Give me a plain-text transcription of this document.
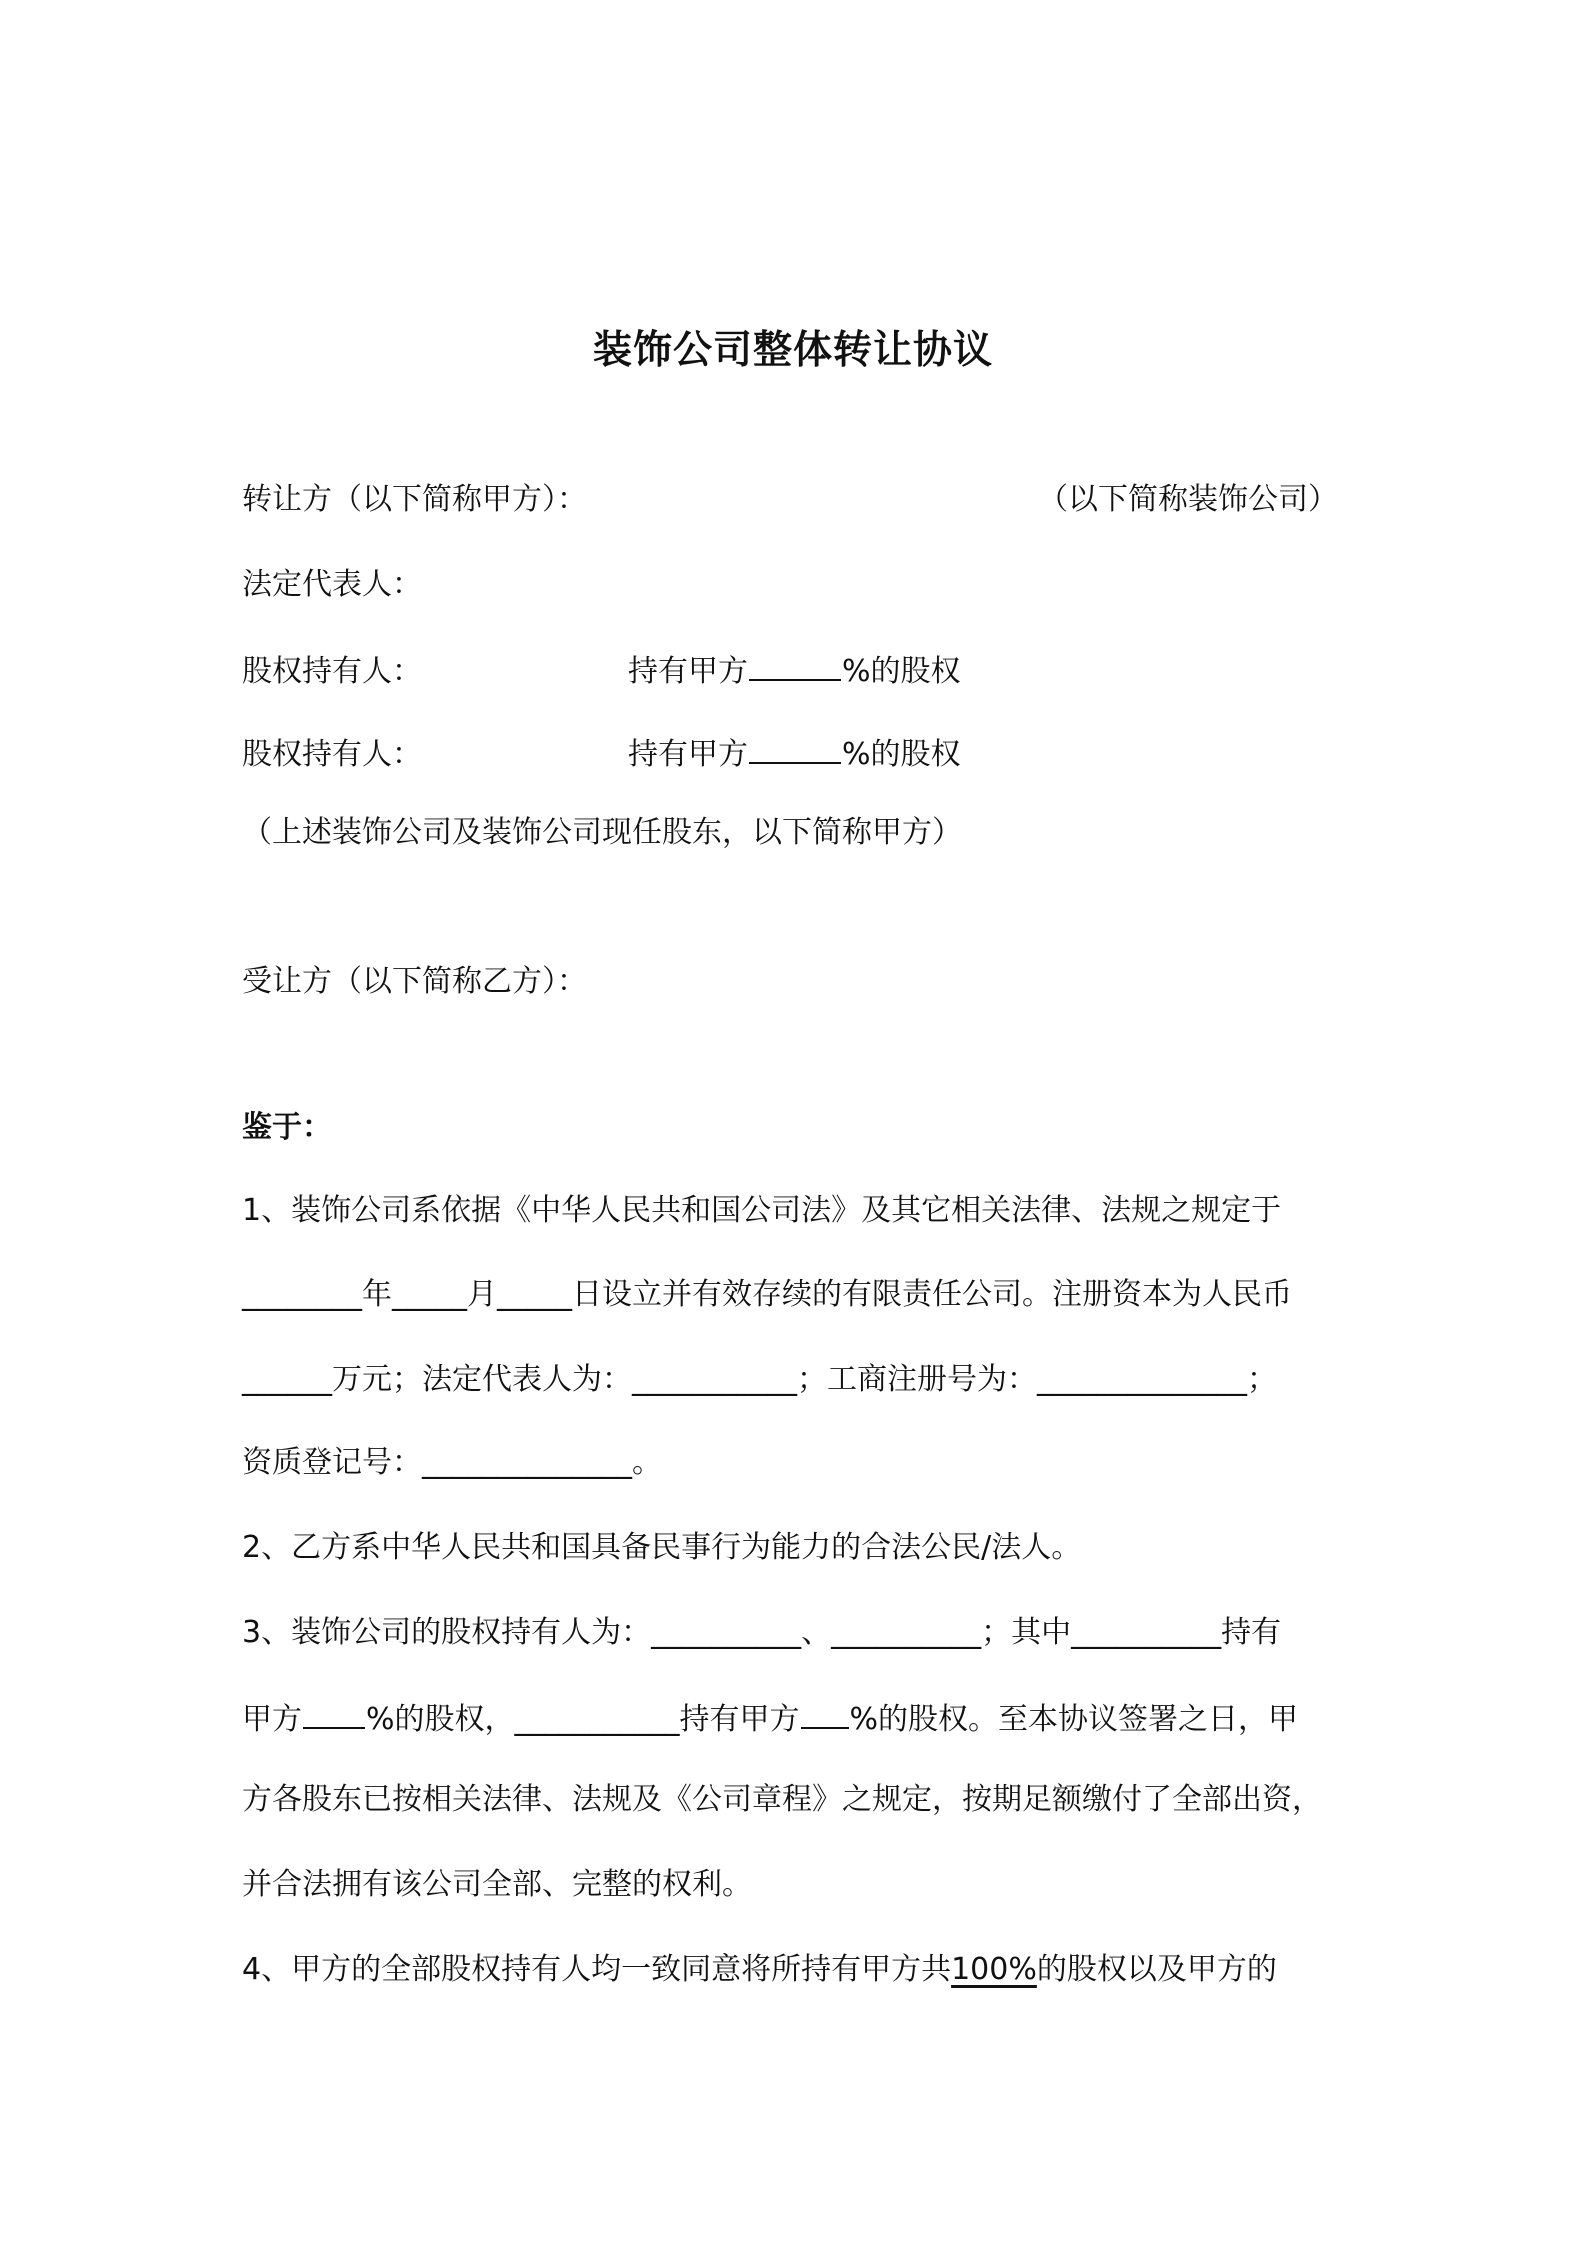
装饰公司整体转让协议
转让方（以下简称甲方）：	（以下简称装饰公司）
法定代表人：
股权持有人：	持有甲方	%的股权
股权持有人：	持有甲方	%的股权
（上述装饰公司及装饰公司现任股东，以下简称甲方）
受让方（以下简称乙方）：
鉴于：
1、装饰公司系依据《中华人民共和国公司法》及其它相关法律、法规之规定于
________年_____月_____日设立并有效存续的有限责任公司。注册资本为人民币
______万元；法定代表人为：___________；工商注册号为：______________；
资质登记号：______________。
2、乙方系中华人民共和国具备民事行为能力的合法公民/法人。
3、装饰公司的股权持有人为：__________、__________；其中__________持有
甲方 %的股权，___________持有甲方 %的股权。至本协议签署之日，甲
方各股东已按相关法律、法规及《公司章程》之规定，按期足额缴付了全部出资，
并合法拥有该公司全部、完整的权利。
4、甲方的全部股权持有人均一致同意将所持有甲方共100%的股权以及甲方的
